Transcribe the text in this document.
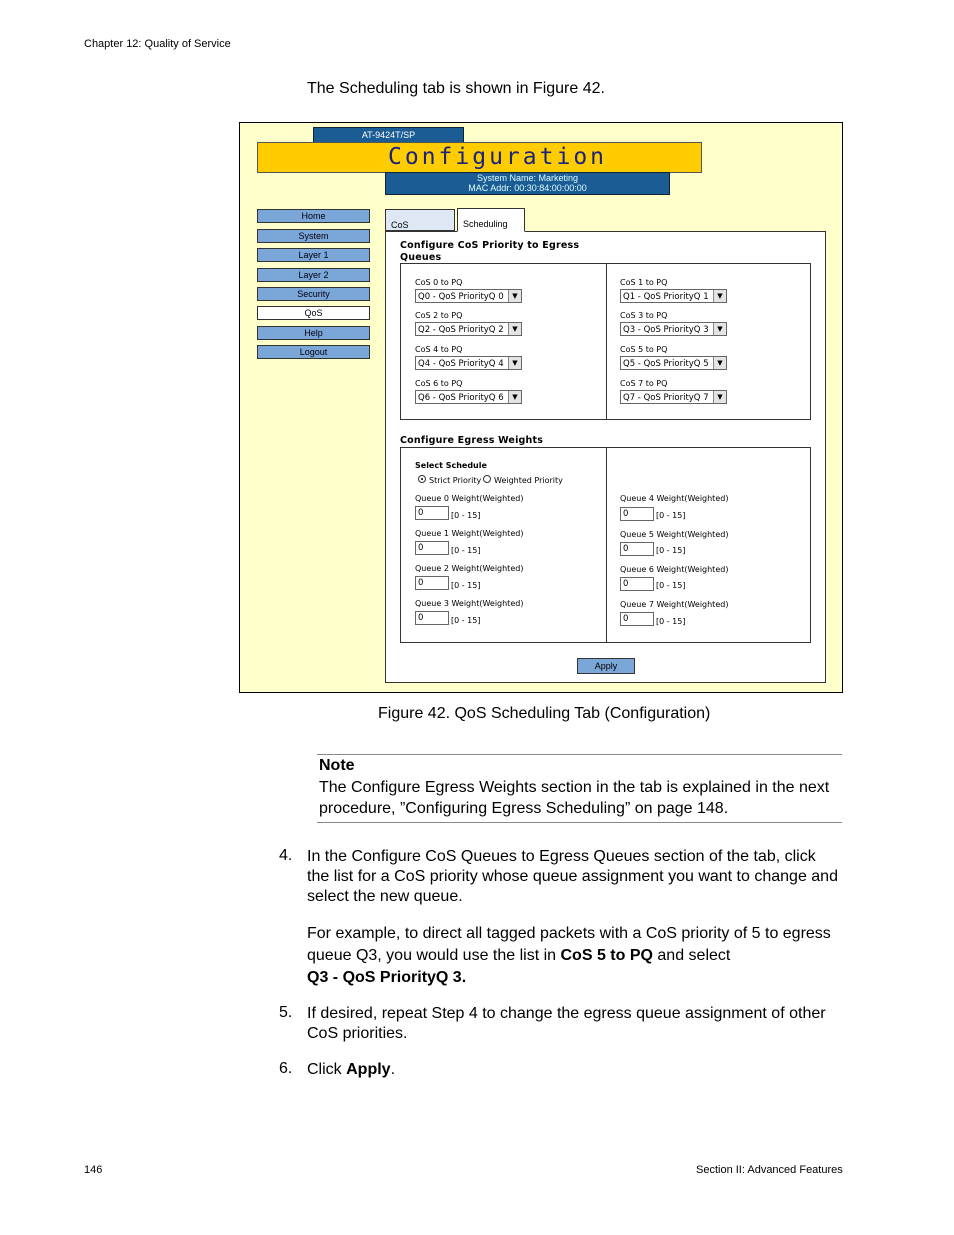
Chapter 12: Quality of Service
The Scheduling tab is shown in Figure 42.
AT-9424T/SP
Configuration
System Name: Marketing
MAC Addr: 00:30:84:00:00:00
Home
System
Layer 1
Layer 2
Security
QoS
Help
Logout
CoS	Scheduling
Configure CoS Priority to Egress
Queues
CoS 0 to PQ
Q0 - QoS PriorityQ 0	▼
CoS 1 to PQ
Q1 - QoS PriorityQ 1	▼
CoS 2 to PQ
Q2 - QoS PriorityQ 2	▼
CoS 3 to PQ
Q3 - QoS PriorityQ 3	▼
CoS 4 to PQ
Q4 - QoS PriorityQ 4	▼
CoS 5 to PQ
Q5 - QoS PriorityQ 5	▼
CoS 6 to PQ
Q6 - QoS PriorityQ 6	▼
CoS 7 to PQ
Q7 - QoS PriorityQ 7	▼
Configure Egress Weights
Select Schedule
Strict Priority Weighted Priority
Queue 0 Weight(Weighted)
0	[0 - 15]
Queue 1 Weight(Weighted)
0	[0 - 15]
Queue 2 Weight(Weighted)
0	[0 - 15]
Queue 3 Weight(Weighted)
0	[0 - 15]
Queue 4 Weight(Weighted)
0	[0 - 15]
Queue 5 Weight(Weighted)
0	[0 - 15]
Queue 6 Weight(Weighted)
0	[0 - 15]
Queue 7 Weight(Weighted)
0	[0 - 15]
Apply
Figure 42. QoS Scheduling Tab (Configuration)
Note
The Configure Egress Weights section in the tab is explained in the next procedure, ”Configuring Egress Scheduling” on page 148.
4. In the Configure CoS Queues to Egress Queues section of the tab, click the list for a CoS priority whose queue assignment you want to change and select the new queue.
For example, to direct all tagged packets with a CoS priority of 5 to egress queue Q3, you would use the list in CoS 5 to PQ and select
Q3 - QoS PriorityQ 3.
5. If desired, repeat Step 4 to change the egress queue assignment of other CoS priorities.
6. Click Apply.
146	Section II: Advanced Features
